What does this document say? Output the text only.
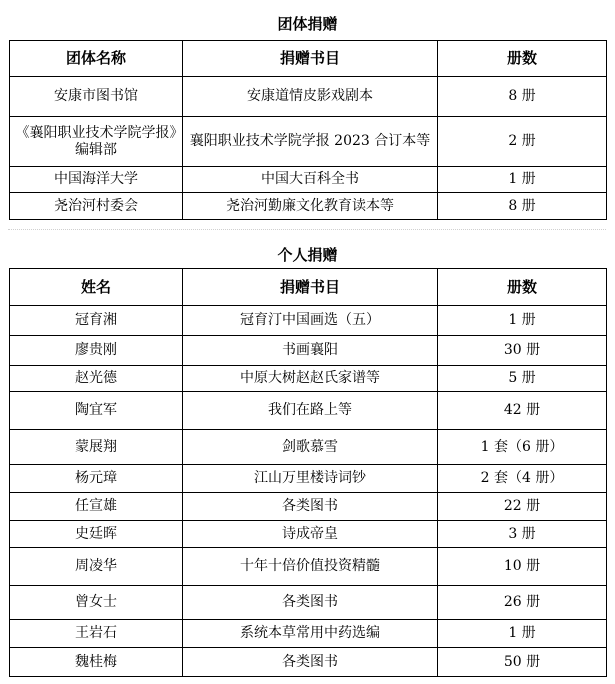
团体捐赠
团体名称	捐赠书目	册数
安康市图书馆	安康道情皮影戏剧本	8 册
《襄阳职业技术学院学报》编辑部	襄阳职业技术学院学报 2023 合订本等	2 册
中国海洋大学	中国大百科全书	1 册
尧治河村委会	尧治河勤廉文化教育读本等	8 册
个人捐赠
姓名	捐赠书目	册数
冠育湘	冠育汀中国画选（五）	1 册
廖贵刚	书画襄阳	30 册
赵光德	中原大树赵赵氏家谱等	5 册
陶宜军	我们在路上等	42 册
蒙展翔	剑歌慕雪	1 套（6 册）
杨元璋	江山万里楼诗词钞	2 套（4 册）
任宣雄	各类图书	22 册
史廷晖	诗成帝皇	3 册
周凌华	十年十倍价值投资精髓	10 册
曾女士	各类图书	26 册
王岩石	系统本草常用中药选编	1 册
魏桂梅	各类图书	50 册
